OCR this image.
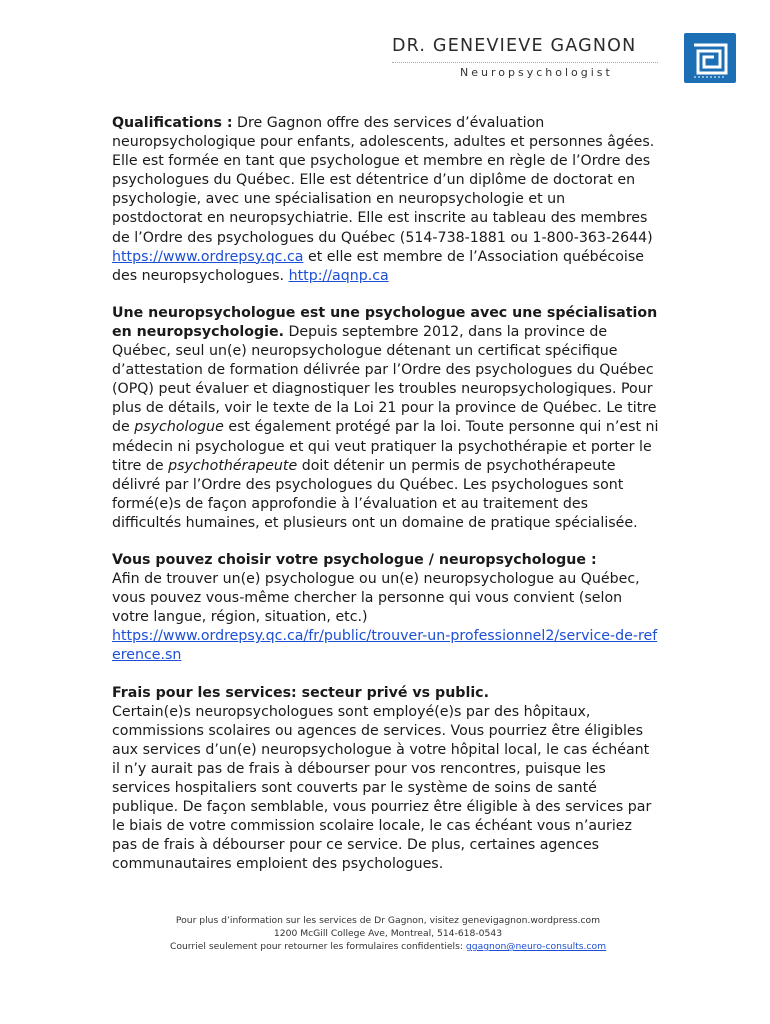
DR. GENEVIEVE GAGNON
Neuropsychologist

Qualifications : Dre Gagnon offre des services d’évaluation neuropsychologique pour enfants, adolescents, adultes et personnes âgées. Elle est formée en tant que psychologue et membre en règle de l’Ordre des psychologues du Québec. Elle est détentrice d’un diplôme de doctorat en psychologie, avec une spécialisation en neuropsychologie et un postdoctorat en neuropsychiatrie. Elle est inscrite au tableau des membres de l’Ordre des psychologues du Québec (514-738-1881 ou 1-800-363-2644) https://www.ordrepsy.qc.ca et elle est membre de l’Association québécoise des neuropsychologues. http://aqnp.ca

Une neuropsychologue est une psychologue avec une spécialisation en neuropsychologie. Depuis septembre 2012, dans la province de Québec, seul un(e) neuropsychologue détenant un certificat spécifique d’attestation de formation délivrée par l’Ordre des psychologues du Québec (OPQ) peut évaluer et diagnostiquer les troubles neuropsychologiques. Pour plus de détails, voir le texte de la Loi 21 pour la province de Québec. Le titre de psychologue est également protégé par la loi. Toute personne qui n’est ni médecin ni psychologue et qui veut pratiquer la psychothérapie et porter le titre de psychothérapeute doit détenir un permis de psychothérapeute délivré par l’Ordre des psychologues du Québec. Les psychologues sont formé(e)s de façon approfondie à l’évaluation et au traitement des difficultés humaines, et plusieurs ont un domaine de pratique spécialisée.

Vous pouvez choisir votre psychologue / neuropsychologue :
Afin de trouver un(e) psychologue ou un(e) neuropsychologue au Québec, vous pouvez vous-même chercher la personne qui vous convient (selon votre langue, région, situation, etc.)
https://www.ordrepsy.qc.ca/fr/public/trouver-un-professionnel2/service-de-reference.sn

Frais pour les services: secteur privé vs public.
Certain(e)s neuropsychologues sont employé(e)s par des hôpitaux, commissions scolaires ou agences de services. Vous pourriez être éligibles aux services d’un(e) neuropsychologue à votre hôpital local, le cas échéant il n’y aurait pas de frais à débourser pour vos rencontres, puisque les services hospitaliers sont couverts par le système de soins de santé publique. De façon semblable, vous pourriez être éligible à des services par le biais de votre commission scolaire locale, le cas échéant vous n’auriez pas de frais à débourser pour ce service. De plus, certaines agences communautaires emploient des psychologues.

Pour plus d’information sur les services de Dr Gagnon, visitez genevigagnon.wordpress.com
1200 McGill College Ave, Montreal, 514-618-0543
Courriel seulement pour retourner les formulaires confidentiels: ggagnon@neuro-consults.com
